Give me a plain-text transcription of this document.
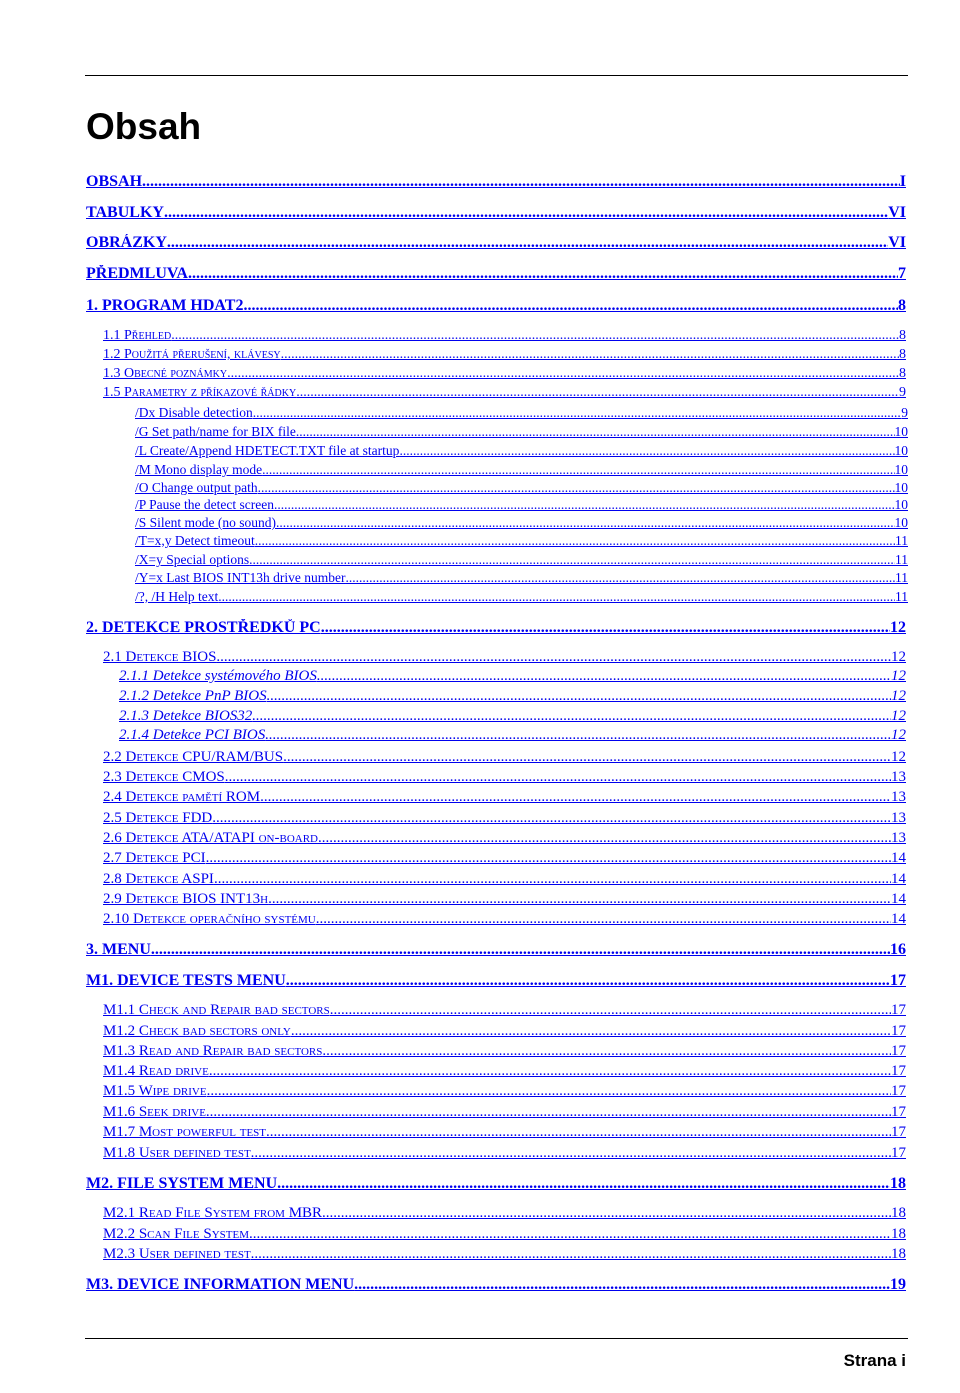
Obsah
OBSAH .....	I
TABULKY .....	VI
OBRÁZKY .....	VI
PŘEDMLUVA .....	7
1. PROGRAM HDAT2 .....	8
1.1 Přehled .....	8
1.2 Použitá přerušení, klávesy .....	8
1.3 Obecné poznámky .....	8
1.5 Parametry z příkazové řádky .....	9
/Dx Disable detection .....	9
/G Set path/name for BIX file .....	10
/L Create/Append HDETECT.TXT file at startup .....	10
/M Mono display mode .....	10
/O Change output path .....	10
/P Pause the detect screen .....	10
/S Silent mode (no sound) .....	10
/T=x,y Detect timeout .....	11
/X=y Special options .....	11
/Y=x Last BIOS INT13h drive number .....	11
/?, /H Help text .....	11
2. DETEKCE PROSTŘEDKŮ PC .....	12
2.1 Detekce BIOS .....	12
2.1.1 Detekce systémového BIOS .....	12
2.1.2 Detekce PnP BIOS .....	12
2.1.3 Detekce BIOS32 .....	12
2.1.4 Detekce PCI BIOS .....	12
2.2 Detekce CPU/RAM/BUS .....	12
2.3 Detekce CMOS .....	13
2.4 Detekce pamětí ROM .....	13
2.5 Detekce FDD .....	13
2.6 Detekce ATA/ATAPI on-board .....	13
2.7 Detekce PCI .....	14
2.8 Detekce ASPI .....	14
2.9 Detekce BIOS INT13h .....	14
2.10 Detekce operačního systému .....	14
3. MENU .....	16
M1. DEVICE TESTS MENU .....	17
M1.1 Check and Repair bad sectors .....	17
M1.2 Check bad sectors only .....	17
M1.3 Read and Repair bad sectors .....	17
M1.4 Read drive .....	17
M1.5 Wipe drive .....	17
M1.6 Seek drive .....	17
M1.7 Most powerful test .....	17
M1.8 User defined test .....	17
M2. FILE SYSTEM MENU .....	18
M2.1 Read File System from MBR .....	18
M2.2 Scan File System .....	18
M2.3 User defined test .....	18
M3. DEVICE INFORMATION MENU .....	19
Strana i
